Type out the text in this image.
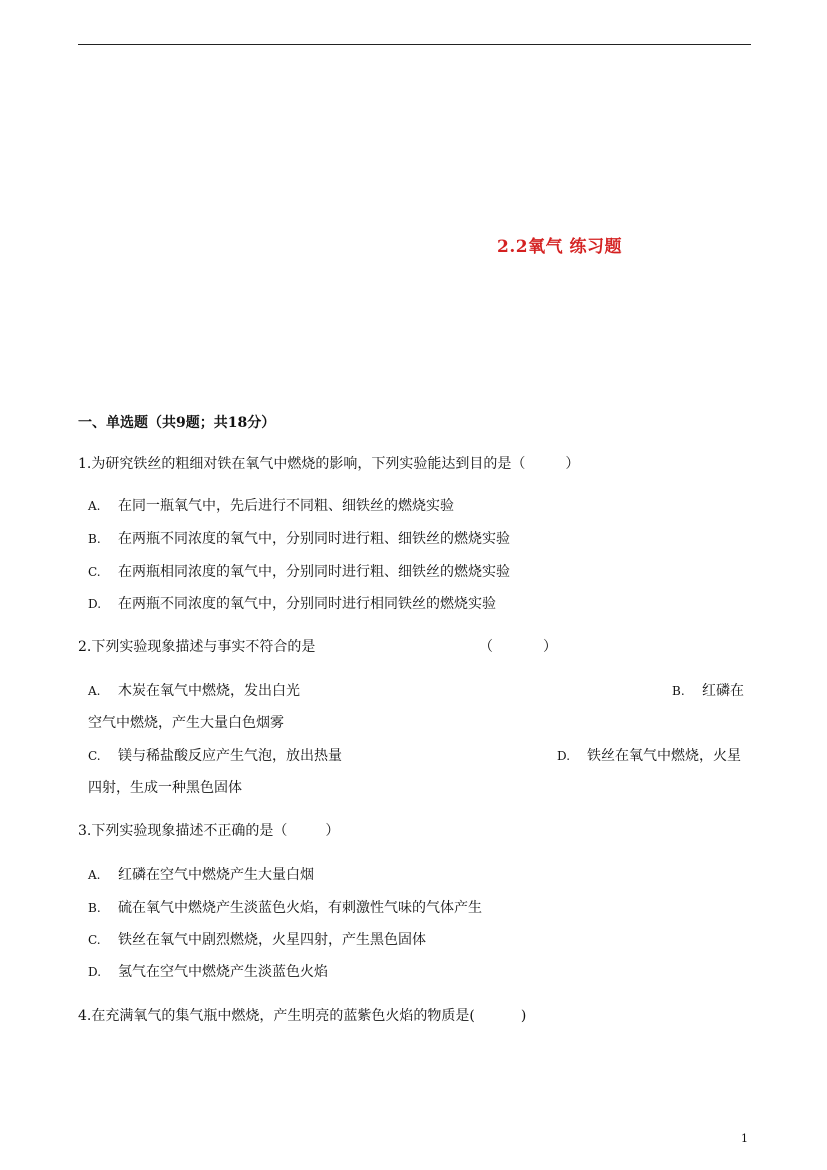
2.2氧气 练习题
一、单选题（共9题；共18分）
1.为研究铁丝的粗细对铁在氧气中燃烧的影响，下列实验能达到目的是（	）
A. 在同一瓶氧气中，先后进行不同粗、细铁丝的燃烧实验
B. 在两瓶不同浓度的氧气中，分别同时进行粗、细铁丝的燃烧实验
C. 在两瓶相同浓度的氧气中，分别同时进行粗、细铁丝的燃烧实验
D. 在两瓶不同浓度的氧气中，分别同时进行相同铁丝的燃烧实验
2.下列实验现象描述与事实不符合的是	（	）
A. 木炭在氧气中燃烧，发出白光	B. 红磷在
空气中燃烧，产生大量白色烟雾
C. 镁与稀盐酸反应产生气泡，放出热量	D. 铁丝在氧气中燃烧，火星
四射，生成一种黑色固体
3.下列实验现象描述不正确的是（	）
A. 红磷在空气中燃烧产生大量白烟
B. 硫在氧气中燃烧产生淡蓝色火焰，有刺激性气味的气体产生
C. 铁丝在氧气中剧烈燃烧，火星四射，产生黑色固体
D. 氢气在空气中燃烧产生淡蓝色火焰
4.在充满氧气的集气瓶中燃烧，产生明亮的蓝紫色火焰的物质是(	)
1
